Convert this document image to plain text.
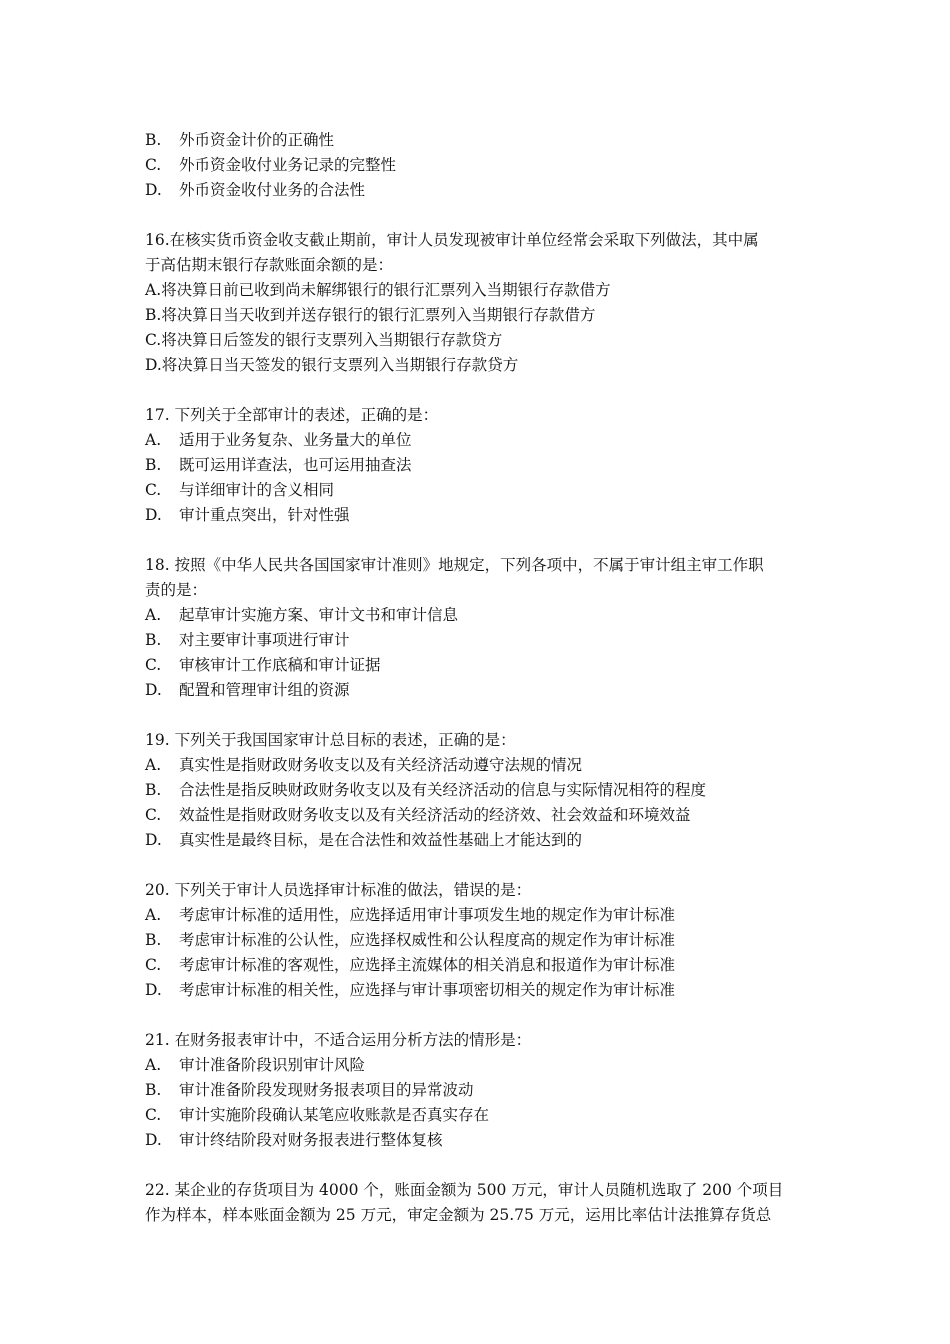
B.	外币资金计价的正确性
C.	外币资金收付业务记录的完整性
D.	外币资金收付业务的合法性
16.在核实货币资金收支截止期前，审计人员发现被审计单位经常会采取下列做法，其中属
于高估期末银行存款账面余额的是：
A.将决算日前已收到尚未解绑银行的银行汇票列入当期银行存款借方
B.将决算日当天收到并送存银行的银行汇票列入当期银行存款借方
C.将决算日后签发的银行支票列入当期银行存款贷方
D.将决算日当天签发的银行支票列入当期银行存款贷方
17. 下列关于全部审计的表述，正确的是：
A.	适用于业务复杂、业务量大的单位
B.	既可运用详查法，也可运用抽查法
C.	与详细审计的含义相同
D.	审计重点突出，针对性强
18. 按照《中华人民共各国国家审计准则》地规定，下列各项中，不属于审计组主审工作职
责的是：
A.	起草审计实施方案、审计文书和审计信息
B.	对主要审计事项进行审计
C.	审核审计工作底稿和审计证据
D.	配置和管理审计组的资源
19. 下列关于我国国家审计总目标的表述，正确的是：
A.	真实性是指财政财务收支以及有关经济活动遵守法规的情况
B.	合法性是指反映财政财务收支以及有关经济活动的信息与实际情况相符的程度
C.	效益性是指财政财务收支以及有关经济活动的经济效、社会效益和环境效益
D.	真实性是最终目标，是在合法性和效益性基础上才能达到的
20. 下列关于审计人员选择审计标准的做法，错误的是：
A.	考虑审计标准的适用性，应选择适用审计事项发生地的规定作为审计标准
B.	考虑审计标准的公认性，应选择权威性和公认程度高的规定作为审计标准
C.	考虑审计标准的客观性，应选择主流媒体的相关消息和报道作为审计标准
D.	考虑审计标准的相关性，应选择与审计事项密切相关的规定作为审计标准
21. 在财务报表审计中，不适合运用分析方法的情形是：
A.	审计准备阶段识别审计风险
B.	审计准备阶段发现财务报表项目的异常波动
C.	审计实施阶段确认某笔应收账款是否真实存在
D.	审计终结阶段对财务报表进行整体复核
22. 某企业的存货项目为 4000 个，账面金额为 500 万元，审计人员随机选取了 200 个项目
作为样本，样本账面金额为 25 万元，审定金额为 25.75 万元，运用比率估计法推算存货总
